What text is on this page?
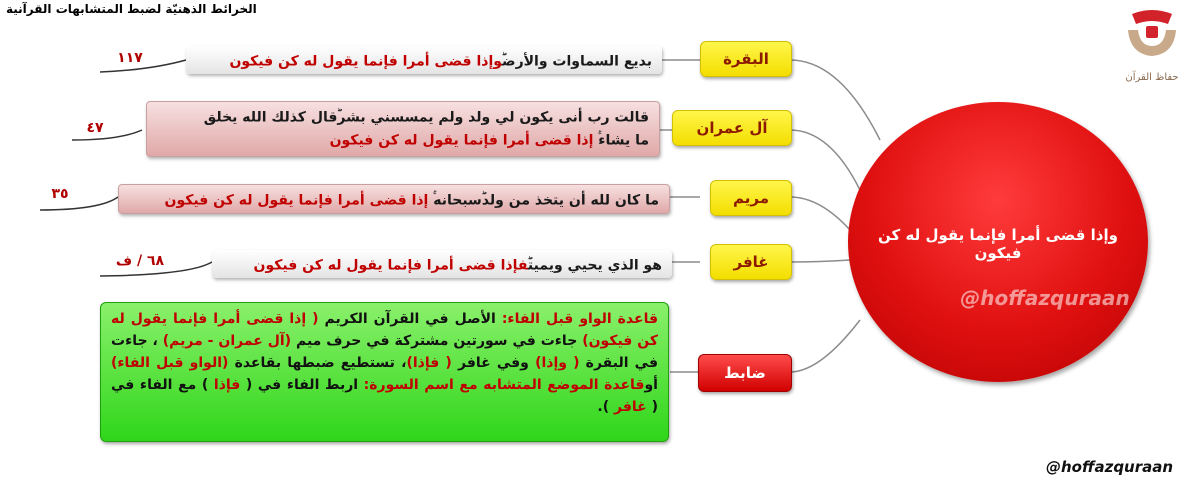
الخرائط الذهنيّة لضبط المتشابهات القرآنية
حفاظ القرآن
وإذا قضى أمرا فإنما يقول له كن فيكون
@hoffazquraan
البقرة
بديع السماوات والأرضوإذا قضى أمرا فإنما يقول له كن فيكون
١١٧
آل عمران
قالت رب أنى يكون لي ولد ولم يمسسني بشرقال كذلك الله يخلق
ما يشاء إذا قضى أمرا فإنما يقول له كن فيكون
٤٧
مريم
ما كان لله أن يتخذ من ولدسبحانه إذا قضى أمرا فإنما يقول له كن فيكون
٣٥
غافر
هو الذي يحيي ويميتفإذا قضى أمرا فإنما يقول له كن فيكون
٦٨ / ف
ضابط
قاعدة الواو قبل الفاء: الأصل في القرآن الكريم ( إذا قضى أمرا فإنما يقول له كن فيكون) جاءت في سورتين مشتركة في حرف ميم (آل عمران - مريم) ، جاءت في البقرة ( وإذا) وفي غافر ( فإذا)، تستطيع ضبطها بقاعدة (الواو قبل الفاء) أوقاعدة الموضع المتشابه مع اسم السورة: اربط الفاء في ( فإذا ) مع الفاء في ( غافر ).
@hoffazquraan
